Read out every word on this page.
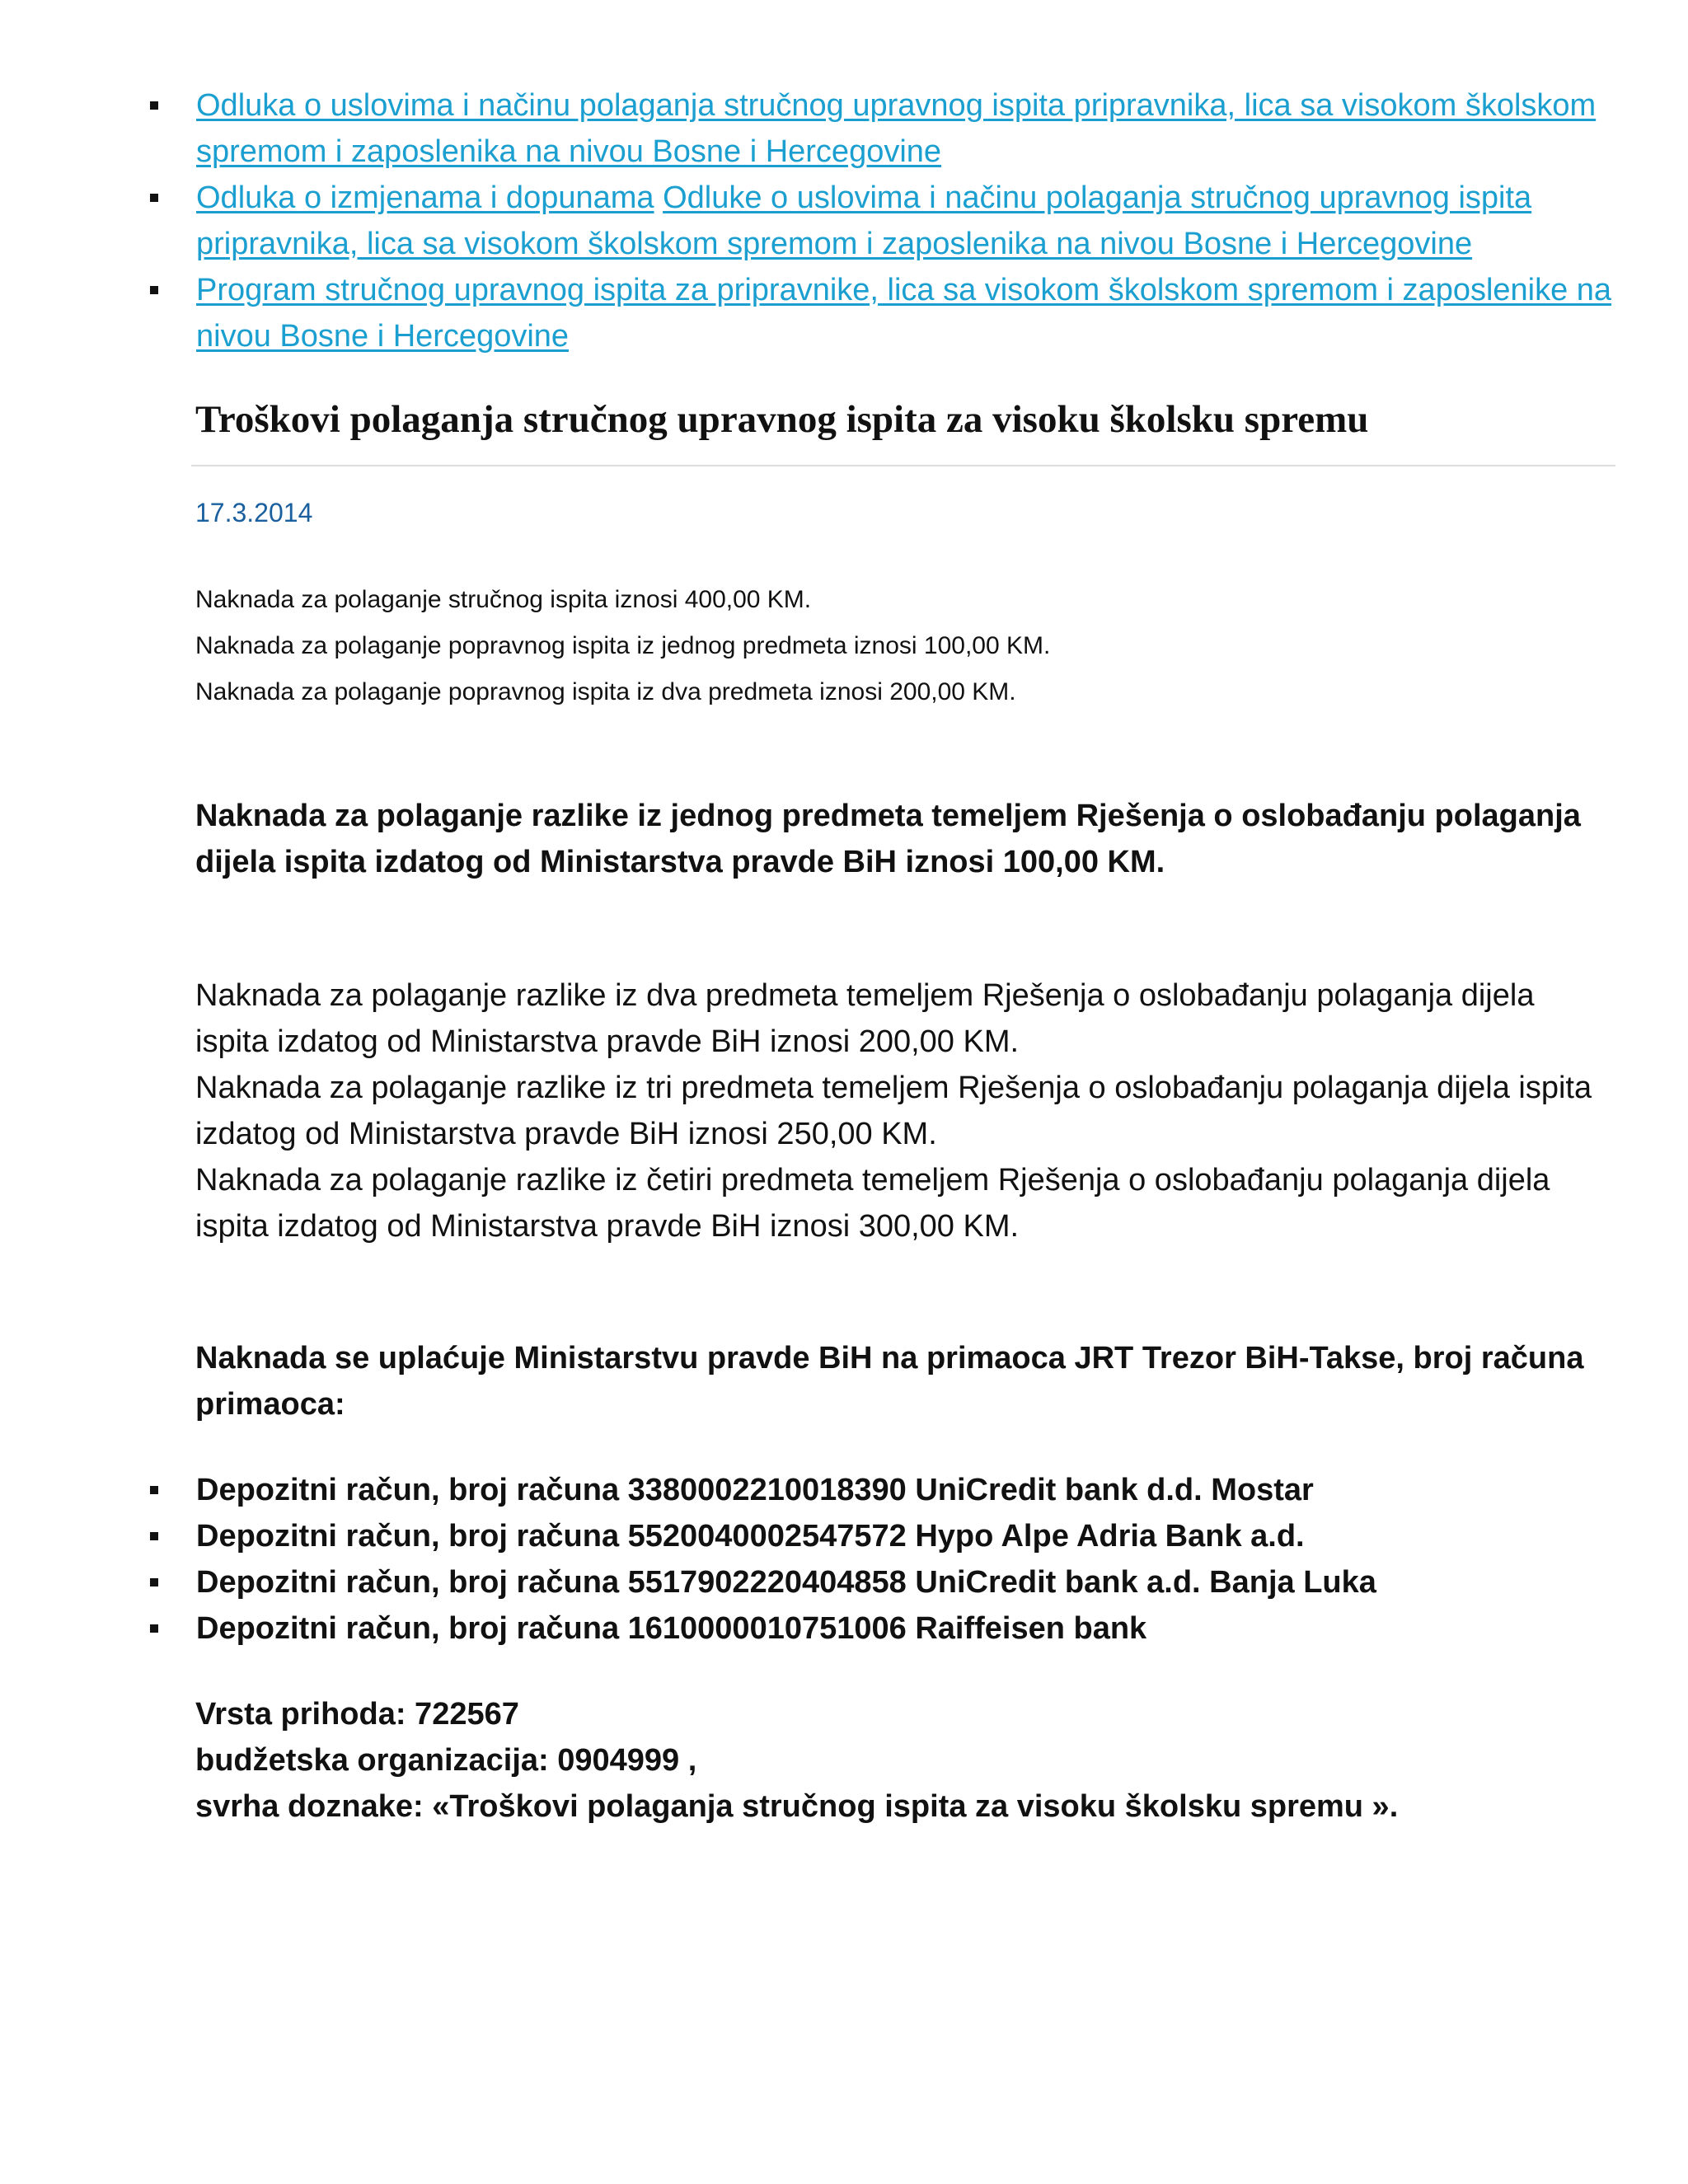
Odluka o uslovima i načinu polaganja stručnog upravnog ispita pripravnika, lica sa visokom školskom spremom i zaposlenika na nivou Bosne i Hercegovine
Odluka o izmjenama i dopunama Odluke o uslovima i načinu polaganja stručnog upravnog ispita pripravnika, lica sa visokom školskom spremom i zaposlenika na nivou Bosne i Hercegovine
Program stručnog upravnog ispita za pripravnike, lica sa visokom školskom spremom i zaposlenike na nivou Bosne i Hercegovine
Troškovi polaganja stručnog upravnog ispita za visoku školsku spremu
17.3.2014

Naknada za polaganje stručnog ispita iznosi 400,00 KM.

Naknada za polaganje popravnog ispita iz jednog predmeta iznosi 100,00 KM.

Naknada za polaganje popravnog ispita iz dva predmeta iznosi 200,00 KM.

Naknada za polaganje razlike iz jednog predmeta temeljem Rješenja o oslobađanju polaganja dijela ispita izdatog od Ministarstva pravde BiH iznosi 100,00 KM.

Naknada za polaganje razlike iz dva predmeta temeljem Rješenja o oslobađanju polaganja dijela ispita izdatog od Ministarstva pravde BiH iznosi 200,00 KM.

Naknada za polaganje razlike iz tri predmeta temeljem Rješenja o oslobađanju polaganja dijela ispita izdatog od Ministarstva pravde BiH iznosi 250,00 KM.

Naknada za polaganje razlike iz četiri predmeta temeljem Rješenja o oslobađanju polaganja dijela ispita izdatog od Ministarstva pravde BiH iznosi 300,00 KM.

Naknada se uplaćuje Ministarstvu pravde BiH na primaoca JRT Trezor BiH-Takse, broj računa primaoca:

Depozitni račun, broj računa 3380002210018390 UniCredit bank d.d. Mostar
Depozitni račun, broj računa 5520040002547572 Hypo Alpe Adria Bank a.d.
Depozitni račun, broj računa 5517902220404858 UniCredit bank a.d. Banja Luka
Depozitni račun, broj računa 1610000010751006 Raiffeisen bank

Vrsta prihoda: 722567

budžetska organizacija: 0904999 ,

svrha doznake: «Troškovi polaganja stručnog ispita za visoku školsku spremu ».
